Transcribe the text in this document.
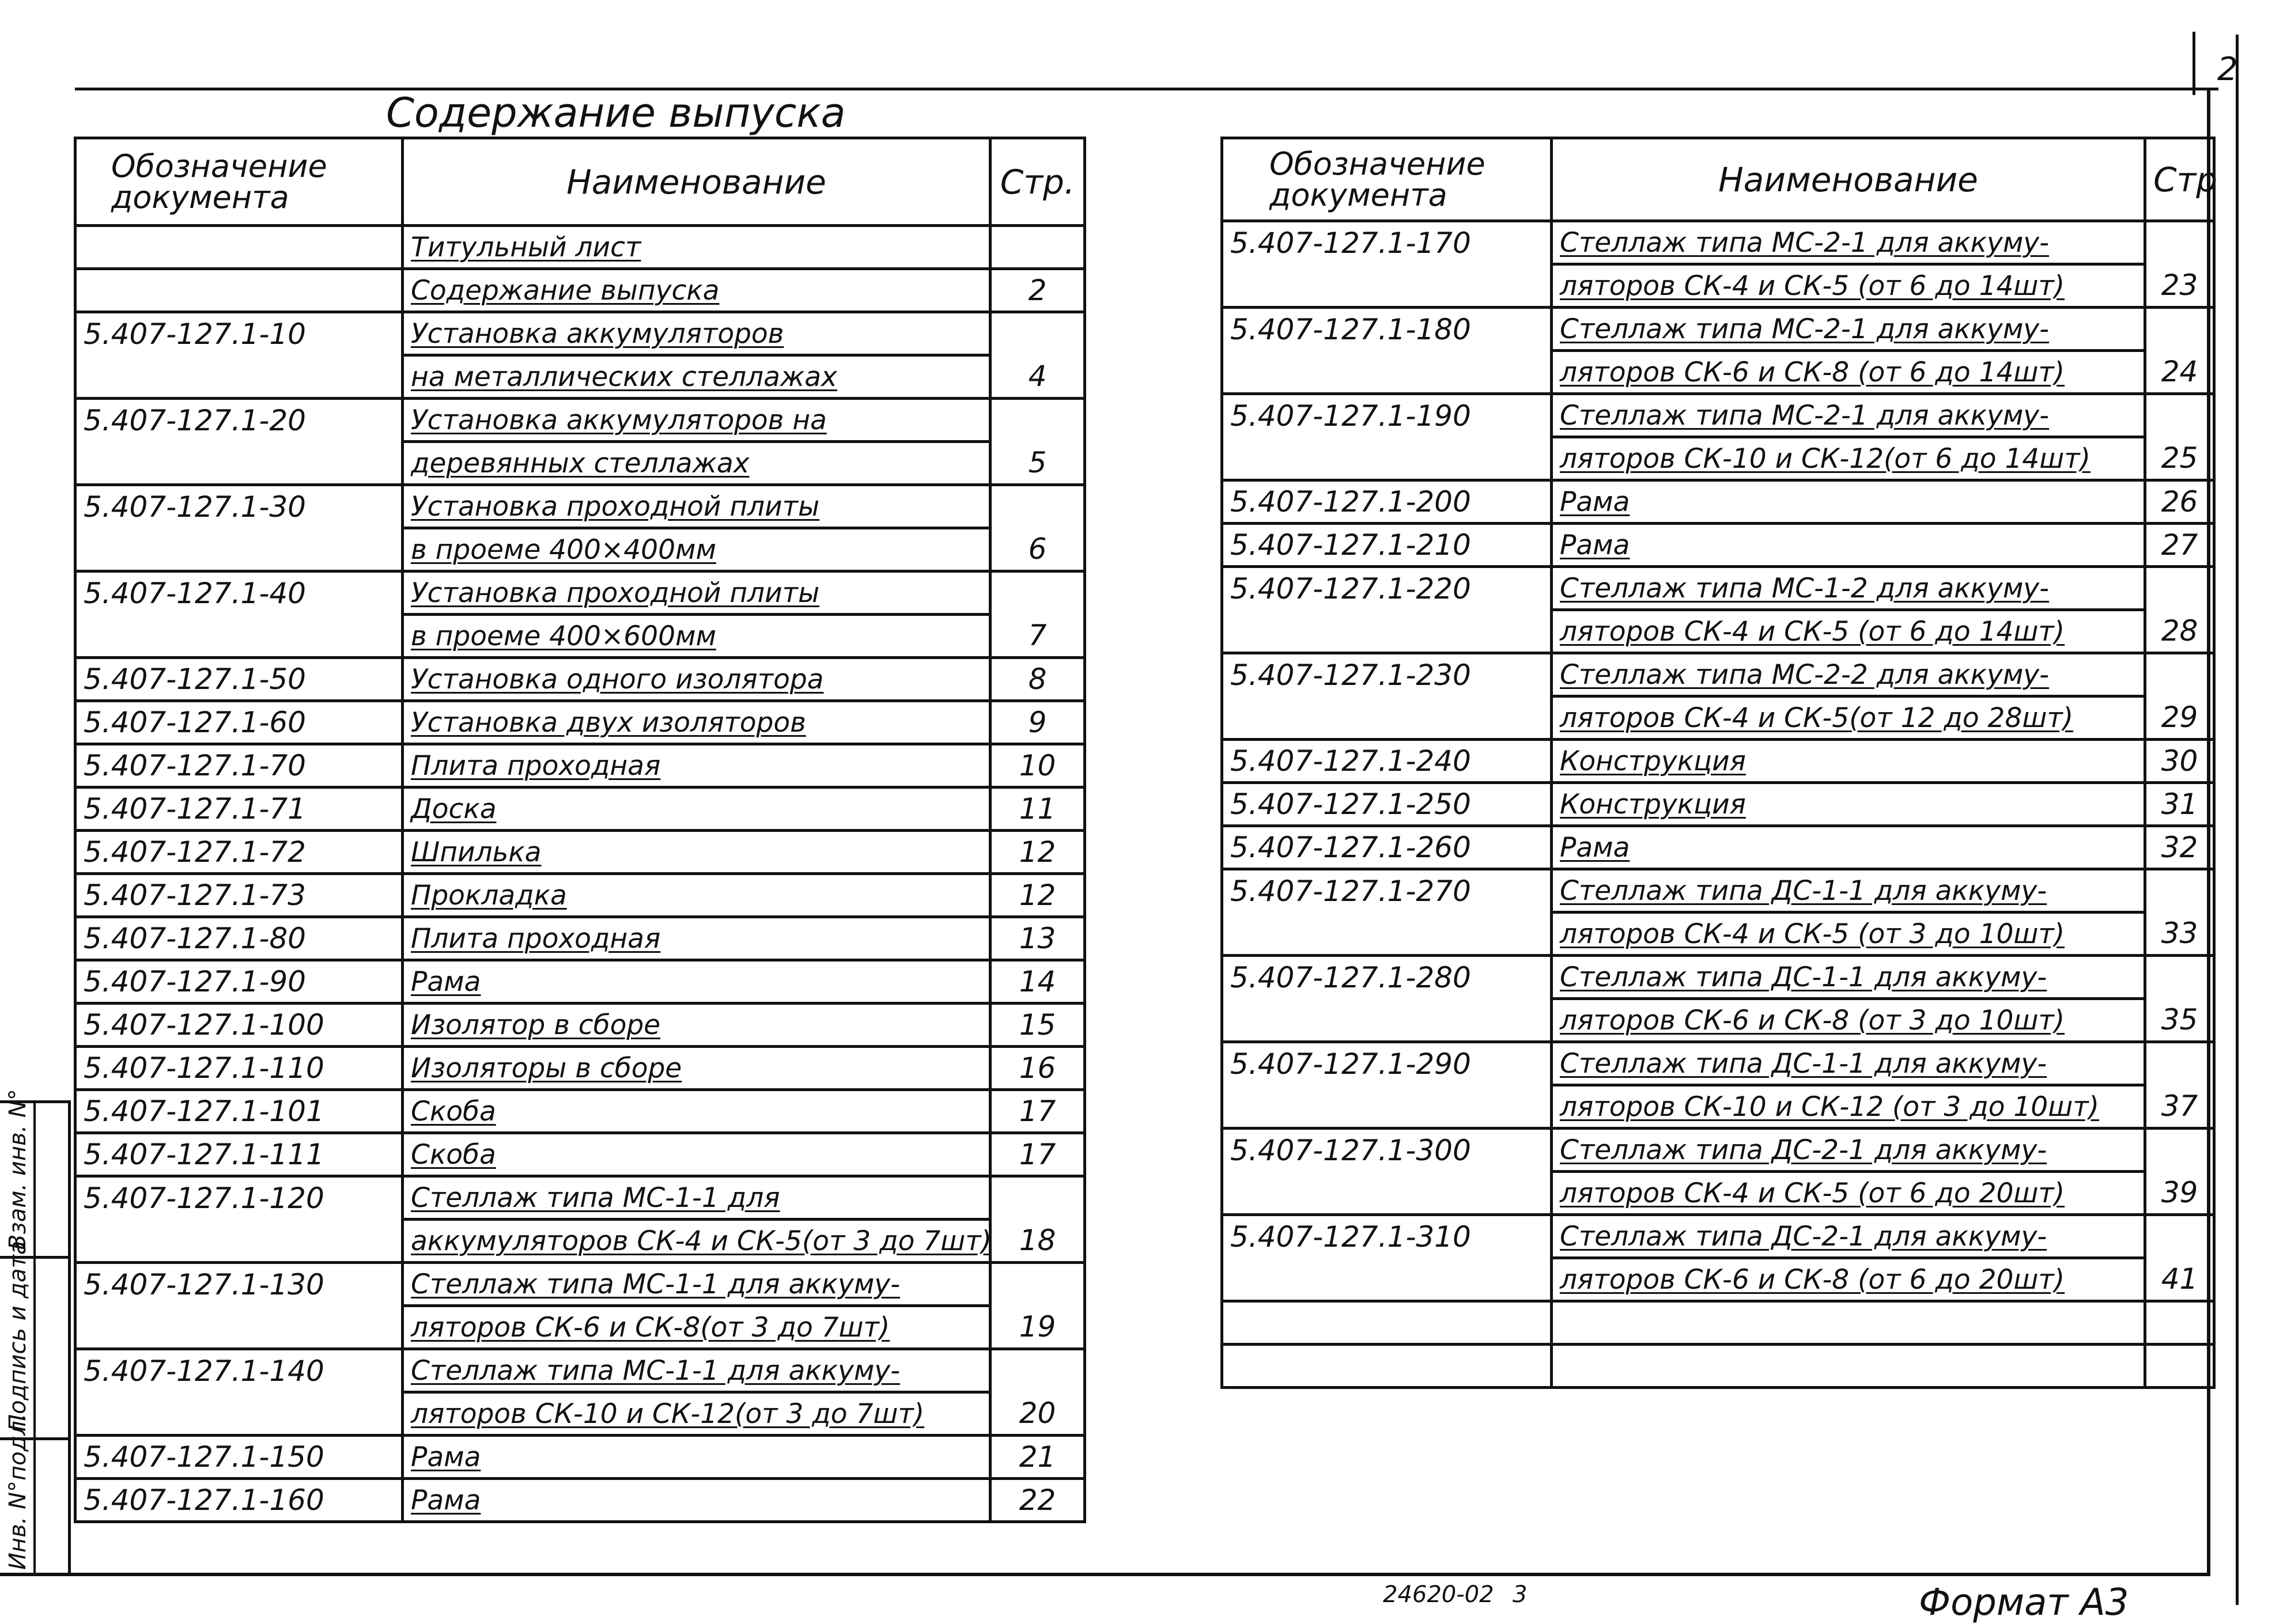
2
Содержание выпуска
Обозначение документа	Наименование	Стр.
	Титульный лист	
	Содержание выпуска	2
5.407-127.1-10	Установка аккумуляторов	
	на металлических стеллажах	4
5.407-127.1-20	Установка аккумуляторов на	
	деревянных стеллажах	5
5.407-127.1-30	Установка проходной плиты	
	в проеме 400×400мм	6
5.407-127.1-40	Установка проходной плиты	
	в проеме 400×600мм	7
5.407-127.1-50	Установка одного изолятора	8
5.407-127.1-60	Установка двух изоляторов	9
5.407-127.1-70	Плита проходная	10
5.407-127.1-71	Доска	11
5.407-127.1-72	Шпилька	12
5.407-127.1-73	Прокладка	12
5.407-127.1-80	Плита проходная	13
5.407-127.1-90	Рама	14
5.407-127.1-100	Изолятор в сборе	15
5.407-127.1-110	Изоляторы в сборе	16
5.407-127.1-101	Скоба	17
5.407-127.1-111	Скоба	17
5.407-127.1-120	Стеллаж типа МС-1-1 для	
	аккумуляторов СК-4 и СК-5(от 3 до 7шт)	18
5.407-127.1-130	Стеллаж типа МС-1-1 для аккуму-	
	ляторов СК-6 и СК-8(от 3 до 7шт)	19
5.407-127.1-140	Стеллаж типа МС-1-1 для аккуму-	
	ляторов СК-10 и СК-12(от 3 до 7шт)	20
5.407-127.1-150	Рама	21
5.407-127.1-160	Рама	22
Обозначение документа	Наименование	Стр
5.407-127.1-170	Стеллаж типа МС-2-1 для аккуму-	
	ляторов СК-4 и СК-5 (от 6 до 14шт)	23
5.407-127.1-180	Стеллаж типа МС-2-1 для аккуму-	
	ляторов СК-6 и СК-8 (от 6 до 14шт)	24
5.407-127.1-190	Стеллаж типа МС-2-1 для аккуму-	
	ляторов СК-10 и СК-12(от 6 до 14шт)	25
5.407-127.1-200	Рама	26
5.407-127.1-210	Рама	27
5.407-127.1-220	Стеллаж типа МС-1-2 для аккуму-	
	ляторов СК-4 и СК-5 (от 6 до 14шт)	28
5.407-127.1-230	Стеллаж типа МС-2-2 для аккуму-	
	ляторов СК-4 и СК-5(от 12 до 28шт)	29
5.407-127.1-240	Конструкция	30
5.407-127.1-250	Конструкция	31
5.407-127.1-260	Рама	32
5.407-127.1-270	Стеллаж типа ДС-1-1 для аккуму-	
	ляторов СК-4 и СК-5 (от 3 до 10шт)	33
5.407-127.1-280	Стеллаж типа ДС-1-1 для аккуму-	
	ляторов СК-6 и СК-8 (от 3 до 10шт)	35
5.407-127.1-290	Стеллаж типа ДС-1-1 для аккуму-	
	ляторов СК-10 и СК-12 (от 3 до 10шт)	37
5.407-127.1-300	Стеллаж типа ДС-2-1 для аккуму-	
	ляторов СК-4 и СК-5 (от 6 до 20шт)	39
5.407-127.1-310	Стеллаж типа ДС-2-1 для аккуму-	
	ляторов СК-6 и СК-8 (от 6 до 20шт)	41

Взам. инв. N°
Подпись и дата
Инв. N°подл.
24620-02 3	Формат А3
